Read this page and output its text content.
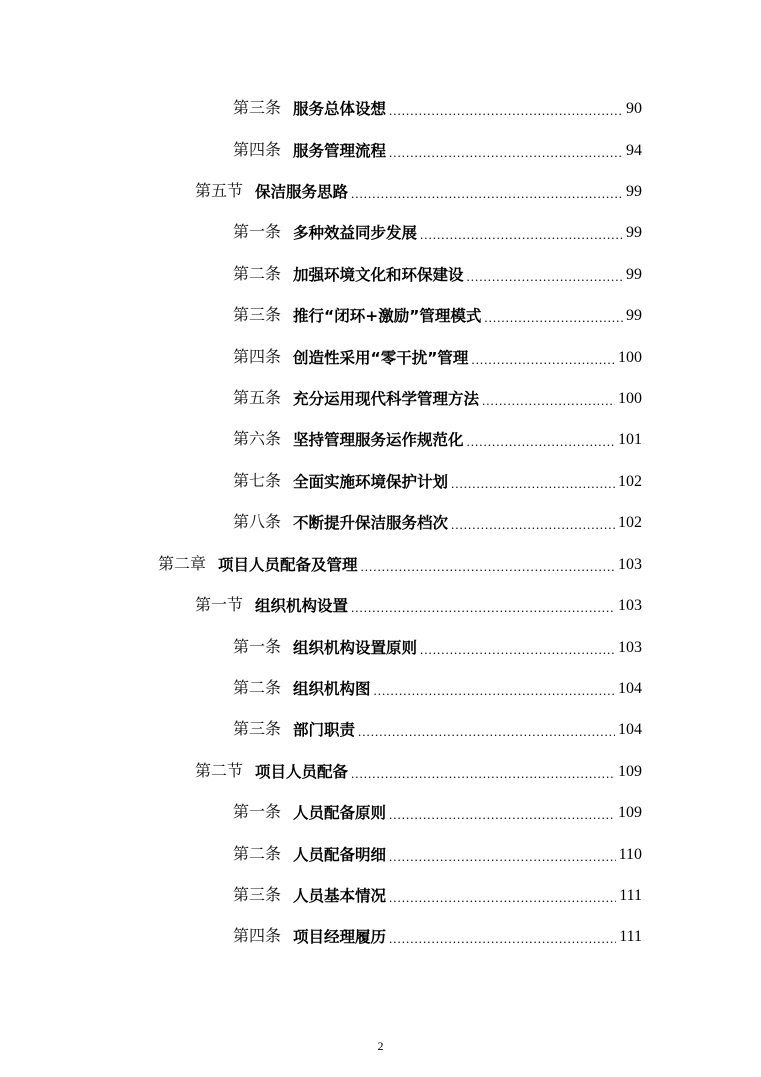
第三条 服务总体设想 .....	90
第四条 服务管理流程 .....	94
第五节 保洁服务思路 .....	99
第一条 多种效益同步发展 .....	99
第二条 加强环境文化和环保建设 .....	99
第三条 推行“闭环+激励”管理模式 .....	99
第四条 创造性采用“零干扰”管理 .....	100
第五条 充分运用现代科学管理方法 .....	100
第六条 坚持管理服务运作规范化 .....	101
第七条 全面实施环境保护计划 .....	102
第八条 不断提升保洁服务档次 .....	102
第二章 项目人员配备及管理 .....	103
第一节 组织机构设置 .....	103
第一条 组织机构设置原则 .....	103
第二条 组织机构图 .....	104
第三条 部门职责 .....	104
第二节 项目人员配备 .....	109
第一条 人员配备原则 .....	109
第二条 人员配备明细 .....	110
第三条 人员基本情况 .....	111
第四条 项目经理履历 .....	111
2
